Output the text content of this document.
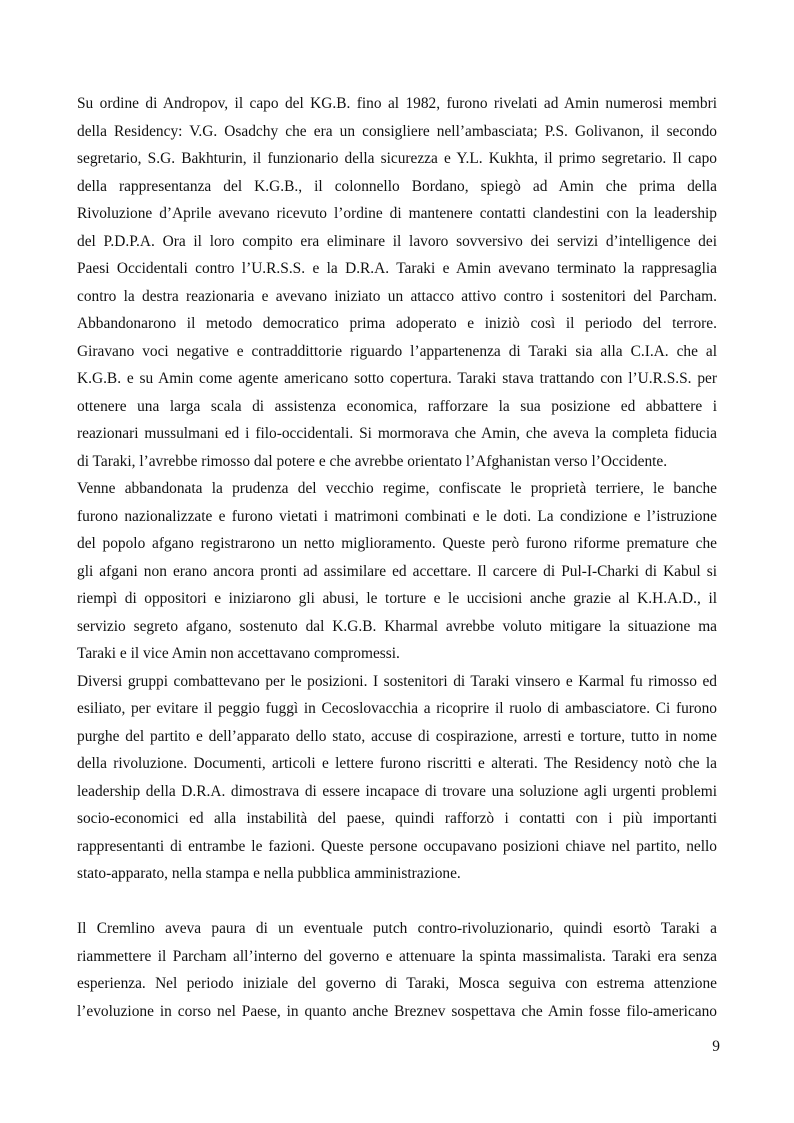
Su ordine di Andropov, il capo del KG.B. fino al 1982, furono rivelati ad Amin numerosi membri
della Residency: V.G. Osadchy che era un consigliere nell’ambasciata; P.S. Golivanon, il secondo
segretario, S.G. Bakhturin, il funzionario della sicurezza e Y.L. Kukhta, il primo segretario. Il capo
della rappresentanza del K.G.B., il colonnello Bordano, spiegò ad Amin che prima della
Rivoluzione d’Aprile avevano ricevuto l’ordine di mantenere contatti clandestini con la leadership
del P.D.P.A. Ora il loro compito era eliminare il lavoro sovversivo dei servizi d’intelligence dei
Paesi Occidentali contro l’U.R.S.S. e la D.R.A. Taraki e Amin avevano terminato la rappresaglia
contro la destra reazionaria e avevano iniziato un attacco attivo contro i sostenitori del Parcham.
Abbandonarono il metodo democratico prima adoperato e iniziò così il periodo del terrore.
Giravano voci negative e contraddittorie riguardo l’appartenenza di Taraki sia alla C.I.A. che al
K.G.B. e su Amin come agente americano sotto copertura. Taraki stava trattando con l’U.R.S.S. per
ottenere una larga scala di assistenza economica, rafforzare la sua posizione ed abbattere i
reazionari mussulmani ed i filo-occidentali. Si mormorava che Amin, che aveva la completa fiducia
di Taraki, l’avrebbe rimosso dal potere e che avrebbe orientato l’Afghanistan verso l’Occidente.
Venne abbandonata la prudenza del vecchio regime, confiscate le proprietà terriere, le banche
furono nazionalizzate e furono vietati i matrimoni combinati e le doti. La condizione e l’istruzione
del popolo afgano registrarono un netto miglioramento. Queste però furono riforme premature che
gli afgani non erano ancora pronti ad assimilare ed accettare. Il carcere di Pul-I-Charki di Kabul si
riempì di oppositori e iniziarono gli abusi, le torture e le uccisioni anche grazie al K.H.A.D., il
servizio segreto afgano, sostenuto dal K.G.B. Kharmal avrebbe voluto mitigare la situazione ma
Taraki e il vice Amin non accettavano compromessi.
Diversi gruppi combattevano per le posizioni. I sostenitori di Taraki vinsero e Karmal fu rimosso ed
esiliato, per evitare il peggio fuggì in Cecoslovacchia a ricoprire il ruolo di ambasciatore. Ci furono
purghe del partito e dell’apparato dello stato, accuse di cospirazione, arresti e torture, tutto in nome
della rivoluzione. Documenti, articoli e lettere furono riscritti e alterati. The Residency notò che la
leadership della D.R.A. dimostrava di essere incapace di trovare una soluzione agli urgenti problemi
socio-economici ed alla instabilità del paese, quindi rafforzò i contatti con i più importanti
rappresentanti di entrambe le fazioni. Queste persone occupavano posizioni chiave nel partito, nello
stato-apparato, nella stampa e nella pubblica amministrazione.
Il Cremlino aveva paura di un eventuale putch contro-rivoluzionario, quindi esortò Taraki a
riammettere il Parcham all’interno del governo e attenuare la spinta massimalista. Taraki era senza
esperienza. Nel periodo iniziale del governo di Taraki, Mosca seguiva con estrema attenzione
l’evoluzione in corso nel Paese, in quanto anche Breznev sospettava che Amin fosse filo-americano
9
